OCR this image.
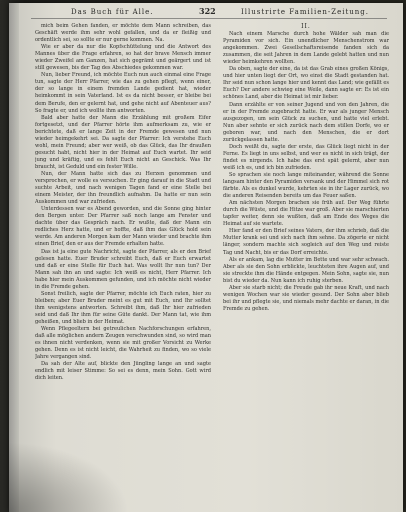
Das Buch für Alle.	322	Illustrirte Familien-Zeitung.

mich beim Gehen fanden, er möchte dem Mann schreiben, das Geschäft werde ihm sehr wohl gefallen, und da er fleißig und ordentlich sei, so sollte er nur gerne kommen. Na.

Wie er aber da nur die Kopfschüttelung und die Antwort des Mannes über die Frage erfahren, so hat der brave Mensch immer wieder Zweifel am Ganzen, hat sich gegrämt und geärgert und ist still gewesen, bis der Tag des Abschiedes gekommen war.

Nun, lieber Freund, ich möchte Euch nun auch einmal eine Frage tun, sagte der Herr Pfarrer, wie das zu gehen pflegt, wenn einer, der so lange in einem fremden Lande gedient hat, wieder heimkommt in sein Vaterland. Ist es da nicht besser, er bleibe bei dem Berufe, den er gelernt hat, und gehe nicht auf Abenteuer aus? So fragte er, und ich wollte ihm antworten.

Bald aber hatte der Mann die Erzählung mit großem Eifer fortgesetzt, und der Pfarrer hörte ihm aufmerksam zu, wie er berichtete, daß er lange Zeit in der Fremde gewesen und nun wieder heimgekehrt sei. Da sagte der Pfarrer: Ich verstehe Euch wohl, mein Freund; aber wer weiß, ob das Glück, das Ihr draußen gesucht habt, nicht hier in der Heimat auf Euch wartet. Ihr seid jung und kräftig, und es fehlt Euch nicht an Geschick. Was Ihr braucht, ist Geduld und ein fester Wille.

Nun, der Mann hatte sich das zu Herzen genommen und versprochen, er wolle es versuchen. Er ging darauf in die Stadt und suchte Arbeit, und nach wenigen Tagen fand er eine Stelle bei einem Meister, der ihn freundlich aufnahm. Da hatte er nun sein Auskommen und war zufrieden.

Unterdessen war es Abend geworden, und die Sonne ging hinter den Bergen unter. Der Pfarrer saß noch lange am Fenster und dachte über das Gespräch nach. Er wußte, daß der Mann ein redliches Herz hatte, und er hoffte, daß ihm das Glück hold sein werde. Am anderen Morgen kam der Mann wieder und brachte ihm einen Brief, den er aus der Fremde erhalten hatte.

Das ist ja eine gute Nachricht, sagte der Pfarrer, als er den Brief gelesen hatte. Euer Bruder schreibt Euch, daß er Euch erwartet und daß er eine Stelle für Euch hat. Was wollt Ihr nun tun? Der Mann sah ihn an und sagte: Ich weiß es nicht, Herr Pfarrer. Ich habe hier mein Auskommen gefunden, und ich möchte nicht wieder in die Fremde gehen.

Sonst freilich, sagte der Pfarrer, möchte ich Euch raten, hier zu bleiben; aber Euer Bruder meint es gut mit Euch, und Ihr solltet ihm wenigstens antworten. Schreibt ihm, daß Ihr hier zufrieden seid und daß Ihr ihm für seine Güte dankt. Der Mann tat, wie ihm geheißen, und blieb in der Heimat.

Wenn Pflegeeltern bei getreulichen Nachforschungen erfahren, daß alle möglichen andern Zeugen verschwunden sind, so wird man es ihnen nicht verdenken, wenn sie mit großer Vorsicht zu Werke gehen. Denn es ist nicht leicht, die Wahrheit zu finden, wo so viele Jahre vergangen sind.

Da sah der Alte auf, blickte den Jüngling lange an und sagte endlich mit leiser Stimme: So sei es denn, mein Sohn. Gott wird dich leiten.

II.

Nach einem Marsche durch hohe Wälder sah man die Pyramiden vor sich. Ein unendlicher Menschenstrom war angekommen. Zwei Gesellschaftsreisende fanden sich da zusammen, die seit Jahren in dem Lande gelebt hatten und nun wieder heimkehren wollten.

Da oben, sagte der eine, da ist das Grab eines großen Königs, und hier unten liegt der Ort, wo einst die Stadt gestanden hat. Ihr seid nun schon lange hier und kennt das Land; wie gefällt es Euch? Der andere schwieg eine Weile, dann sagte er: Es ist ein schönes Land, aber die Heimat ist mir lieber.

Dann erzählte er von seiner Jugend und von den Jahren, die er in der Fremde zugebracht hatte. Er war als junger Mensch ausgezogen, um sein Glück zu suchen, und hatte viel erlebt. Nun aber sehnte er sich zurück nach dem stillen Dorfe, wo er geboren war, und nach den Menschen, die er dort zurückgelassen hatte.

Doch weißt du, sagte der erste, das Glück liegt nicht in der Ferne. Es liegt in uns selbst, und wer es nicht in sich trägt, der findet es nirgends. Ich habe das erst spät gelernt, aber nun weiß ich es, und ich bin zufrieden.

So sprachen sie noch lange miteinander, während die Sonne langsam hinter den Pyramiden versank und der Himmel sich rot färbte. Als es dunkel wurde, kehrten sie in ihr Lager zurück, wo die anderen Reisenden bereits um das Feuer saßen.

Am nächsten Morgen brachen sie früh auf. Der Weg führte durch die Wüste, und die Hitze war groß. Aber sie marschierten tapfer weiter, denn sie wußten, daß am Ende des Weges die Heimat auf sie wartete.

Hier fand er den Brief seines Vaters, der ihm schrieb, daß die Mutter krank sei und sich nach ihm sehne. Da zögerte er nicht länger, sondern machte sich sogleich auf den Weg und reiste Tag und Nacht, bis er das Dorf erreichte.

Als er ankam, lag die Mutter im Bette und war sehr schwach. Aber als sie den Sohn erblickte, leuchteten ihre Augen auf, und sie streckte ihm die Hände entgegen. Mein Sohn, sagte sie, nun bist du wieder da. Nun kann ich ruhig sterben.

Aber sie starb nicht; die Freude gab ihr neue Kraft, und nach wenigen Wochen war sie wieder gesund. Der Sohn aber blieb bei ihr und pflegte sie, und niemals mehr dachte er daran, in die Fremde zu gehen.
